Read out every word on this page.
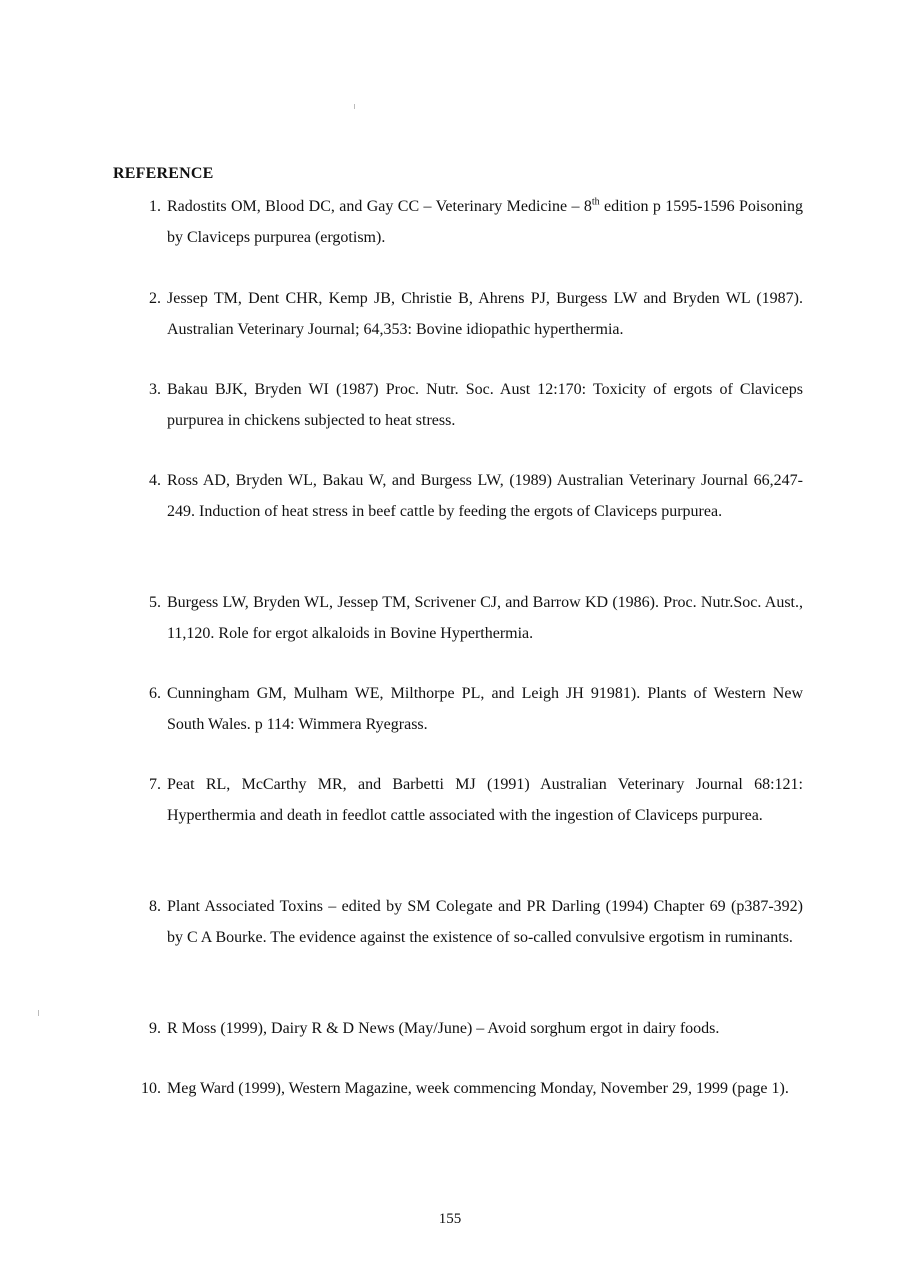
REFERENCE
1. Radostits OM, Blood DC, and Gay CC – Veterinary Medicine – 8th edition p 1595-1596 Poisoning by Claviceps purpurea (ergotism).
2. Jessep TM, Dent CHR, Kemp JB, Christie B, Ahrens PJ, Burgess LW and Bryden WL (1987). Australian Veterinary Journal; 64,353: Bovine idiopathic hyperthermia.
3. Bakau BJK, Bryden WI (1987) Proc. Nutr. Soc. Aust 12:170: Toxicity of ergots of Claviceps purpurea in chickens subjected to heat stress.
4. Ross AD, Bryden WL, Bakau W, and Burgess LW, (1989) Australian Veterinary Journal 66,247-249. Induction of heat stress in beef cattle by feeding the ergots of Claviceps purpurea.
5. Burgess LW, Bryden WL, Jessep TM, Scrivener CJ, and Barrow KD (1986). Proc. Nutr.Soc. Aust., 11,120. Role for ergot alkaloids in Bovine Hyperthermia.
6. Cunningham GM, Mulham WE, Milthorpe PL, and Leigh JH 91981). Plants of Western New South Wales. p 114: Wimmera Ryegrass.
7. Peat RL, McCarthy MR, and Barbetti MJ (1991) Australian Veterinary Journal 68:121: Hyperthermia and death in feedlot cattle associated with the ingestion of Claviceps purpurea.
8. Plant Associated Toxins – edited by SM Colegate and PR Darling (1994) Chapter 69 (p387-392) by C A Bourke. The evidence against the existence of so-called convulsive ergotism in ruminants.
9. R Moss (1999), Dairy R & D News (May/June) – Avoid sorghum ergot in dairy foods.
10. Meg Ward (1999), Western Magazine, week commencing Monday, November 29, 1999 (page 1).
155
